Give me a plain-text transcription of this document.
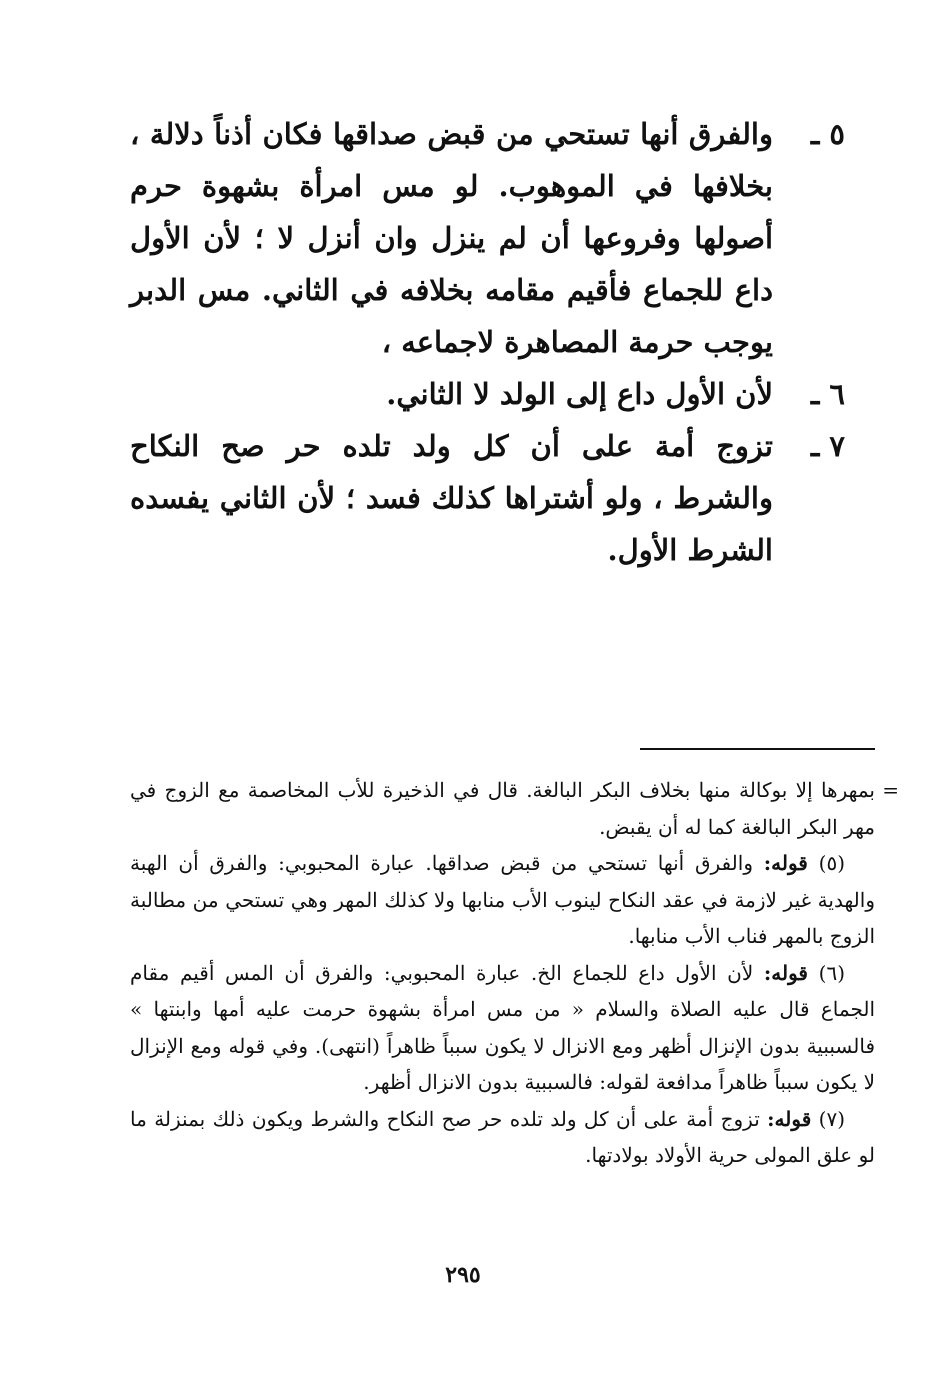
٥ ـ
والفرق أنها تستحي من قبض صداقها فكان أذناً دلالة ، بخلافها في الموهوب. لو مس امرأة بشهوة حرم أصولها وفروعها أن لم ينزل وان أنزل لا ؛ لأن الأول داع للجماع فأقيم مقامه بخلافه في الثاني. مس الدبر يوجب حرمة المصاهرة لاجماعه ،
٦ ـ
لأن الأول داع إلى الولد لا الثاني.
٧ ـ
تزوج أمة على أن كل ولد تلده حر صح النكاح والشرط ، ولو أشتراها كذلك فسد ؛ لأن الثاني يفسده الشرط الأول.

=
بمهرها إلا بوكالة منها بخلاف البكر البالغة. قال في الذخيرة للأب المخاصمة مع الزوج في مهر البكر البالغة كما له أن يقبض.

(٥) قوله: والفرق أنها تستحي من قبض صداقها. عبارة المحبوبي: والفرق أن الهبة والهدية غير لازمة في عقد النكاح لينوب الأب منابها ولا كذلك المهر وهي تستحي من مطالبة الزوج بالمهر فناب الأب منابها.

(٦) قوله: لأن الأول داع للجماع الخ. عبارة المحبوبي: والفرق أن المس أقيم مقام الجماع قال عليه الصلاة والسلام « من مس امرأة بشهوة حرمت عليه أمها وابنتها » فالسببية بدون الإنزال أظهر ومع الانزال لا يكون سبباً ظاهراً (انتهى). وفي قوله ومع الإنزال لا يكون سبباً ظاهراً مدافعة لقوله: فالسببية بدون الانزال أظهر.

(٧) قوله: تزوج أمة على أن كل ولد تلده حر صح النكاح والشرط ويكون ذلك بمنزلة ما لو علق المولى حرية الأولاد بولادتها.

٢٩٥
